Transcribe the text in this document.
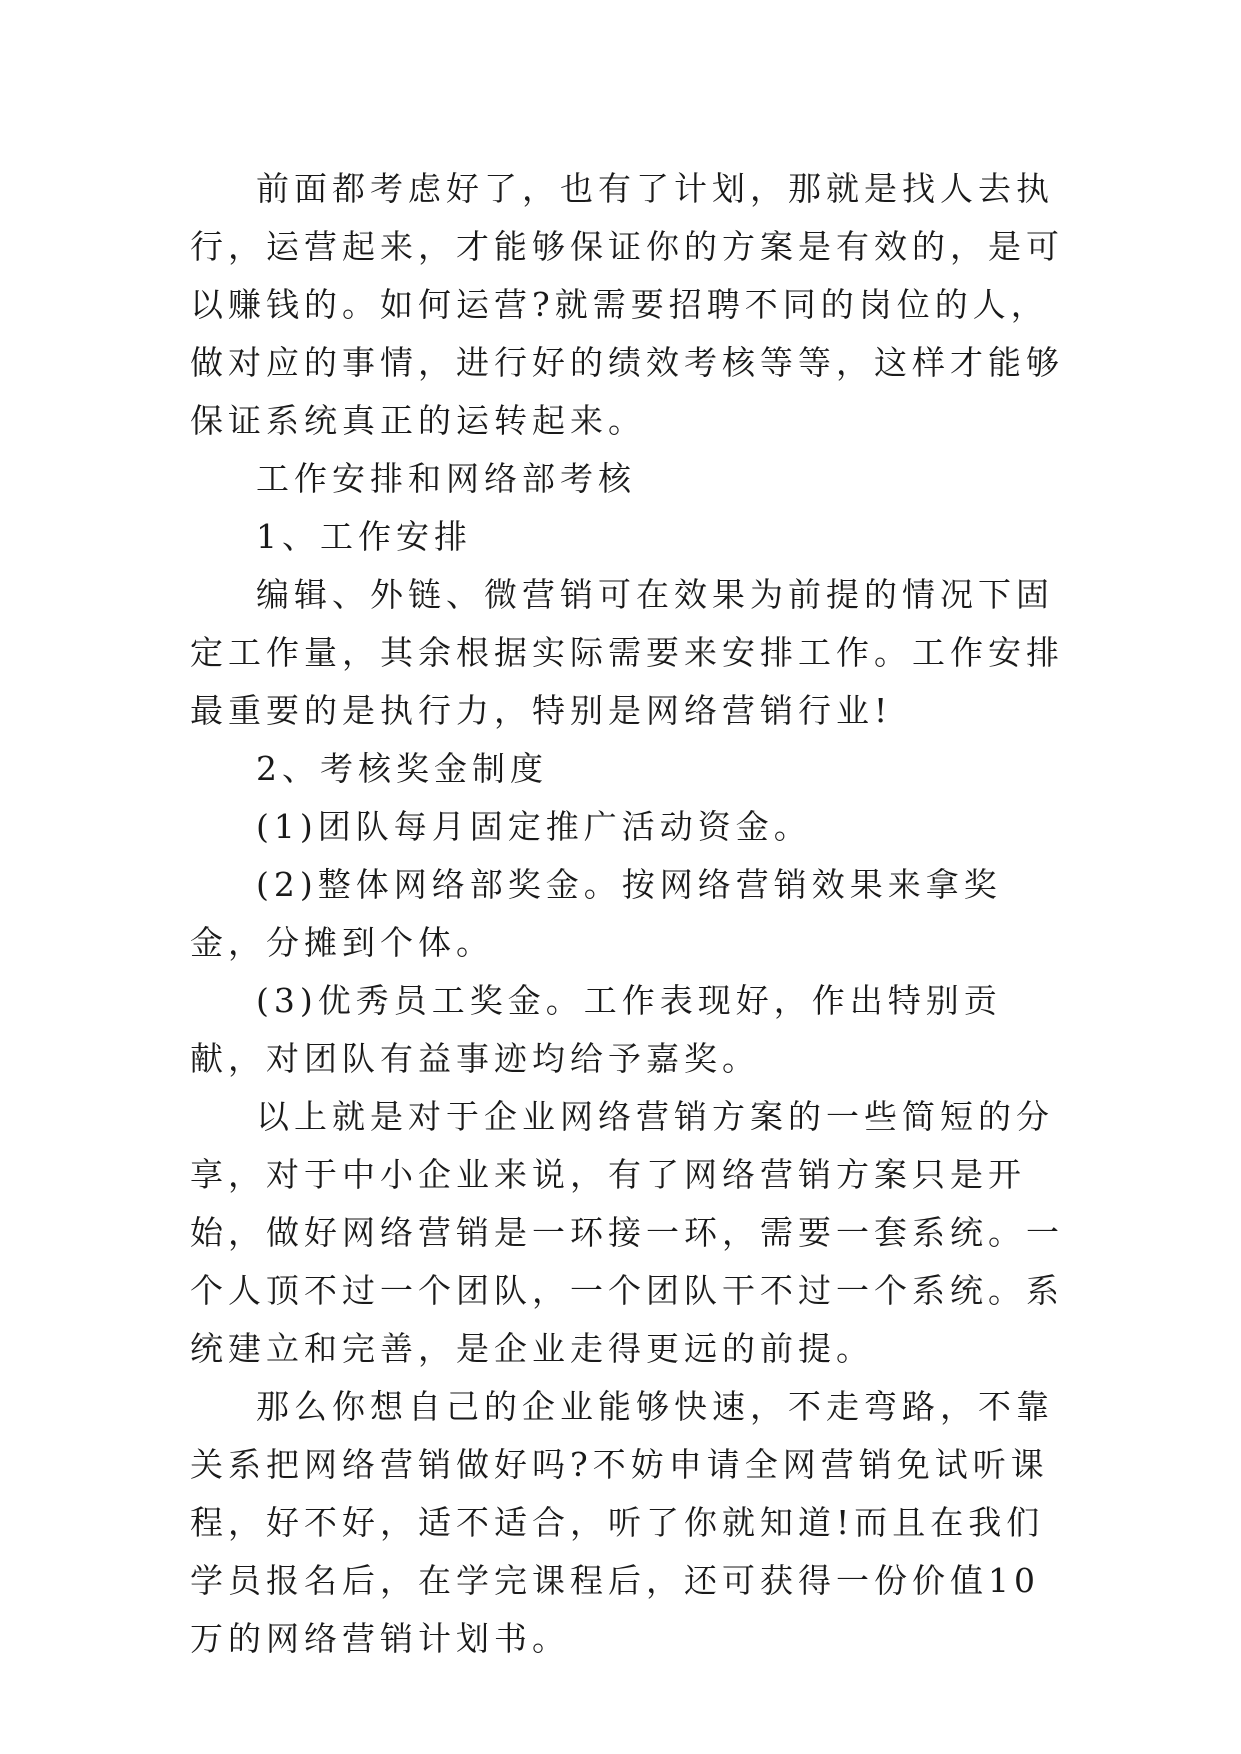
前面都考虑好了，也有了计划，那就是找人去执行，运营起来，才能够保证你的方案是有效的，是可以赚钱的。如何运营?就需要招聘不同的岗位的人，做对应的事情，进行好的绩效考核等等，这样才能够保证系统真正的运转起来。

工作安排和网络部考核

1、工作安排

编辑、外链、微营销可在效果为前提的情况下固定工作量，其余根据实际需要来安排工作。工作安排最重要的是执行力，特别是网络营销行业!

2、考核奖金制度

(1)团队每月固定推广活动资金。

(2)整体网络部奖金。按网络营销效果来拿奖金，分摊到个体。

(3)优秀员工奖金。工作表现好，作出特别贡献，对团队有益事迹均给予嘉奖。

以上就是对于企业网络营销方案的一些简短的分享，对于中小企业来说，有了网络营销方案只是开始，做好网络营销是一环接一环，需要一套系统。一个人顶不过一个团队，一个团队干不过一个系统。系统建立和完善，是企业走得更远的前提。

那么你想自己的企业能够快速，不走弯路，不靠关系把网络营销做好吗?不妨申请全网营销免试听课程，好不好，适不适合，听了你就知道!而且在我们学员报名后，在学完课程后，还可获得一份价值10万的网络营销计划书。
